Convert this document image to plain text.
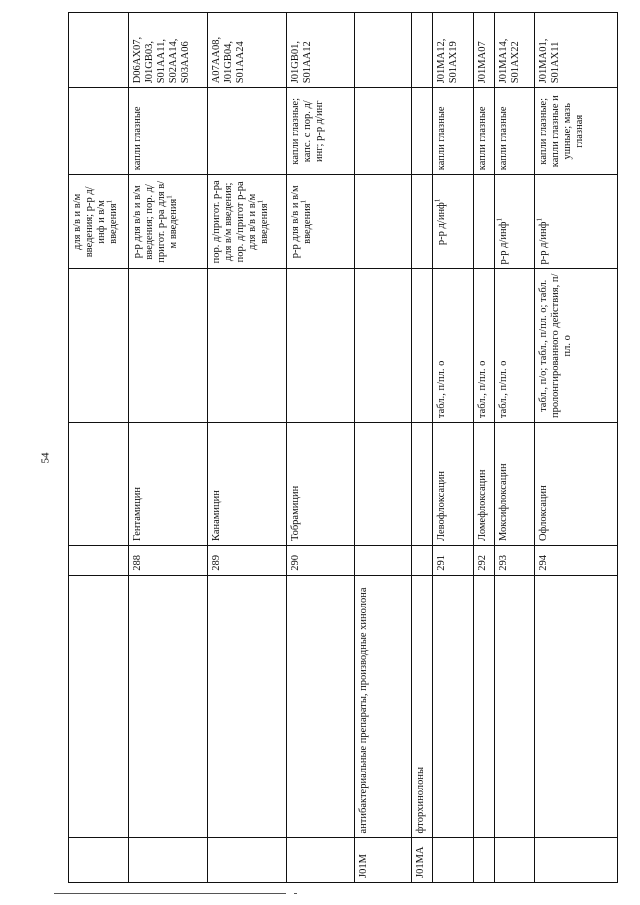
54
					для в/в и в/м введения; р-р д/инф и в/м введения$^1$		
		288	Гентамицин		р-р для в/в и в/м введения; пор. д/пригот. р-ра для в/м введения$^1$	капли глазные	D06AX07, J01GB03, S01AA11, S02AA14, S03AA06
		289	Канамицин		пор. д/пригот. р-ра для в/м введения; пор. д/пригот р-ра для в/в и в/м введения$^1$		A07AA08, J01GB04, S01AA24
		290	Тобрамицин		р-р для в/в и в/м введения$^1$	капли глазные; капс. с пор. д/инг; р-р д/инг	J01GB01, S01AA12
J01M	антибактериальные препараты, производные хинолона						
J01MA	фторхинолоны						
		291	Левофлоксацин	табл., п/пл. о	р-р д/инф$^1$	капли глазные	J01MA12, S01AX19
		292	Ломефлоксацин	табл., п/пл. о		капли глазные	J01MA07
		293	Моксифлоксацин	табл., п/пл. о	р-р д/инф$^1$	капли глазные	J01MA14, S01AX22
		294	Офлоксацин	табл., п/о; табл., п/пл. о; табл. пролонгированного действия, п/пл. о	р-р д/инф$^1$	капли глазные; капли глазные и ушные; мазь глазная	J01MA01, S01AX11
